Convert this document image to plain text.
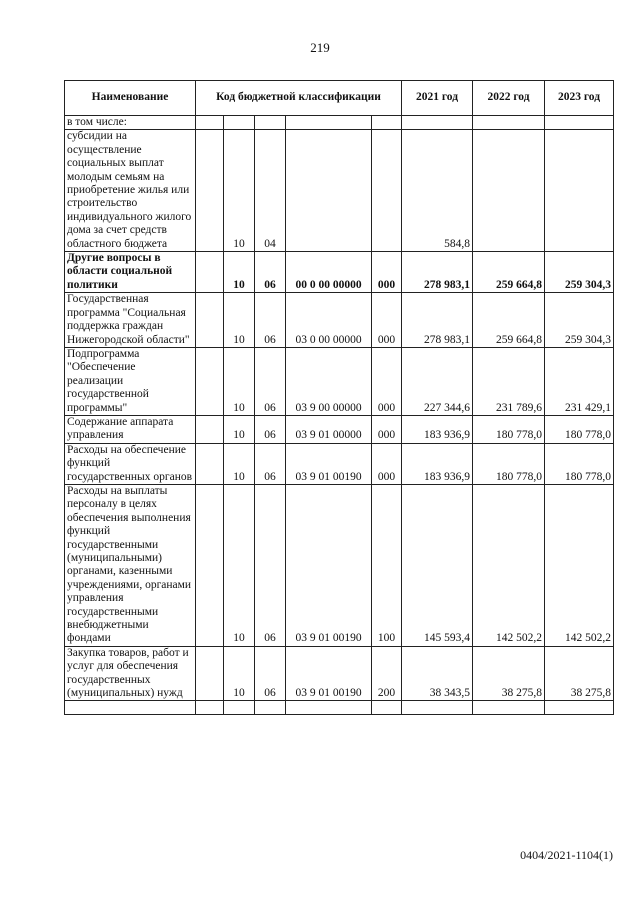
219
Наименование	Код бюджетной классификации					2021 год	2022 год	2023 год
в том числе:								
субсидии на осуществление социальных выплат молодым семьям на приобретение жилья или строительство индивидуального жилого дома за счет средств областного бюджета		10	04			584,8		
Другие вопросы в области социальной политики		10	06	00 0 00 00000	000	278 983,1	259 664,8	259 304,3
Государственная программа "Социальная поддержка граждан Нижегородской области"		10	06	03 0 00 00000	000	278 983,1	259 664,8	259 304,3
Подпрограмма "Обеспечение реализации государственной программы"		10	06	03 9 00 00000	000	227 344,6	231 789,6	231 429,1
Содержание аппарата управления		10	06	03 9 01 00000	000	183 936,9	180 778,0	180 778,0
Расходы на обеспечение функций государственных органов		10	06	03 9 01 00190	000	183 936,9	180 778,0	180 778,0
Расходы на выплаты персоналу в целях обеспечения выполнения функций государственными (муниципальными) органами, казенными учреждениями, органами управления государственными внебюджетными фондами		10	06	03 9 01 00190	100	145 593,4	142 502,2	142 502,2
Закупка товаров, работ и услуг для обеспечения государственных (муниципальных) нужд		10	06	03 9 01 00190	200	38 343,5	38 275,8	38 275,8

0404/2021-1104(1)
